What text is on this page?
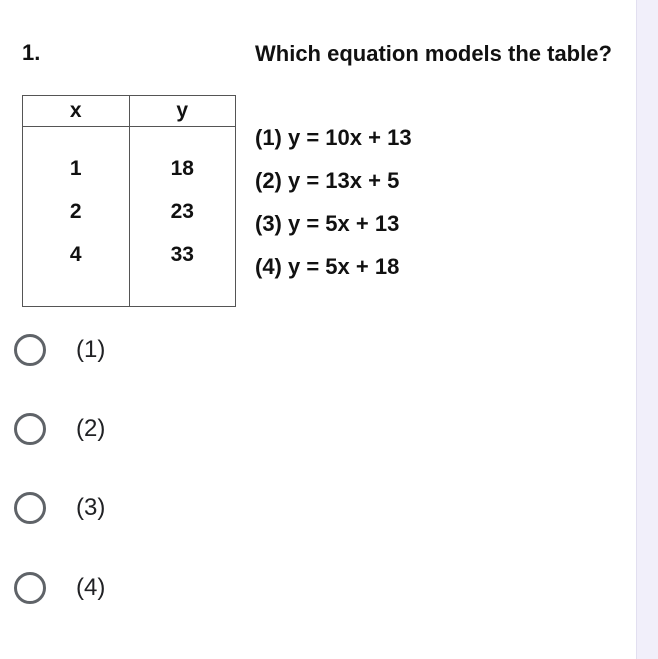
1.	Which equation models the table?
x	y
1	18
2	23
4	33

(1) y = 10x + 13
(2) y = 13x + 5
(3) y = 5x + 13
(4) y = 5x + 18
(1)
(2)
(3)
(4)
